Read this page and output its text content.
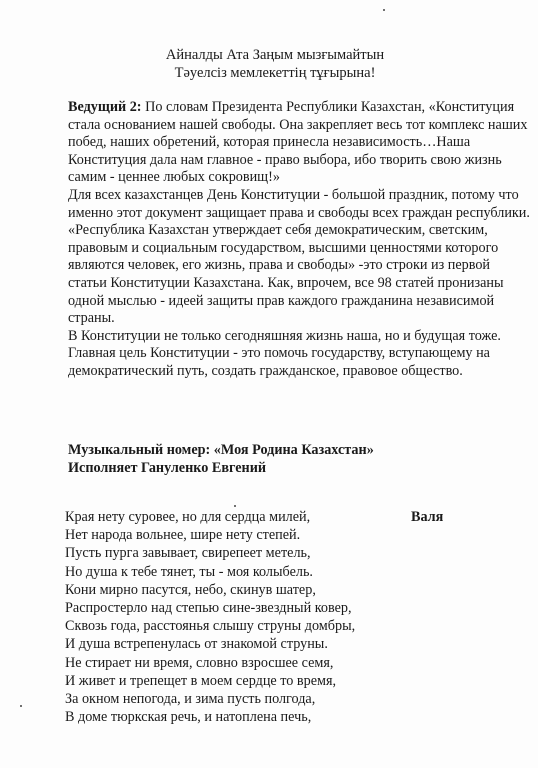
Айналды Ата Заңым мызғымайтын
Тәуелсіз мемлекеттің тұғырына!

Ведущий 2: По словам Президента Республики Казахстан, «Конституция стала основанием нашей свободы. Она закрепляет весь тот комплекс наших побед, наших обретений, которая принесла независимость…Наша Конституция дала нам главное - право выбора, ибо творить свою жизнь самим - ценнее любых сокровищ!»

Для всех казахстанцев День Конституции - большой праздник, потому что именно этот документ защищает права и свободы всех граждан республики.

«Республика Казахстан утверждает себя демократическим, светским, правовым и социальным государством, высшими ценностями которого являются человек, его жизнь, права и свободы» -это строки из первой статьи Конституции Казахстана. Как, впрочем, все 98 статей пронизаны одной мыслью - идеей защиты прав каждого гражданина независимой страны.

В Конституции не только сегодняшняя жизнь наша, но и будущая тоже. Главная цель Конституции - это помочь государству, вступающему на демократический путь, создать гражданское, правовое общество.

Музыкальный номер: «Моя Родина Казахстан»
Исполняет Гануленко Евгений
Края нету суровее, но для сердца милей,
Нет народа вольнее, шире нету степей.
Пусть пурга завывает, свирепеет метель,
Но душа к тебе тянет, ты - моя колыбель.
Кони мирно пасутся, небо, скинув шатер,
Распростерло над степью сине-звездный ковер,
Сквозь года, расстоянья слышу струны домбры,
И душа встрепенулась от знакомой струны.
Не стирает ни время, словно взросшее семя,
И живет и трепещет в моем сердце то время,
За окном непогода, и зима пусть полгода,
В доме тюркская речь, и натоплена печь,
Валя
